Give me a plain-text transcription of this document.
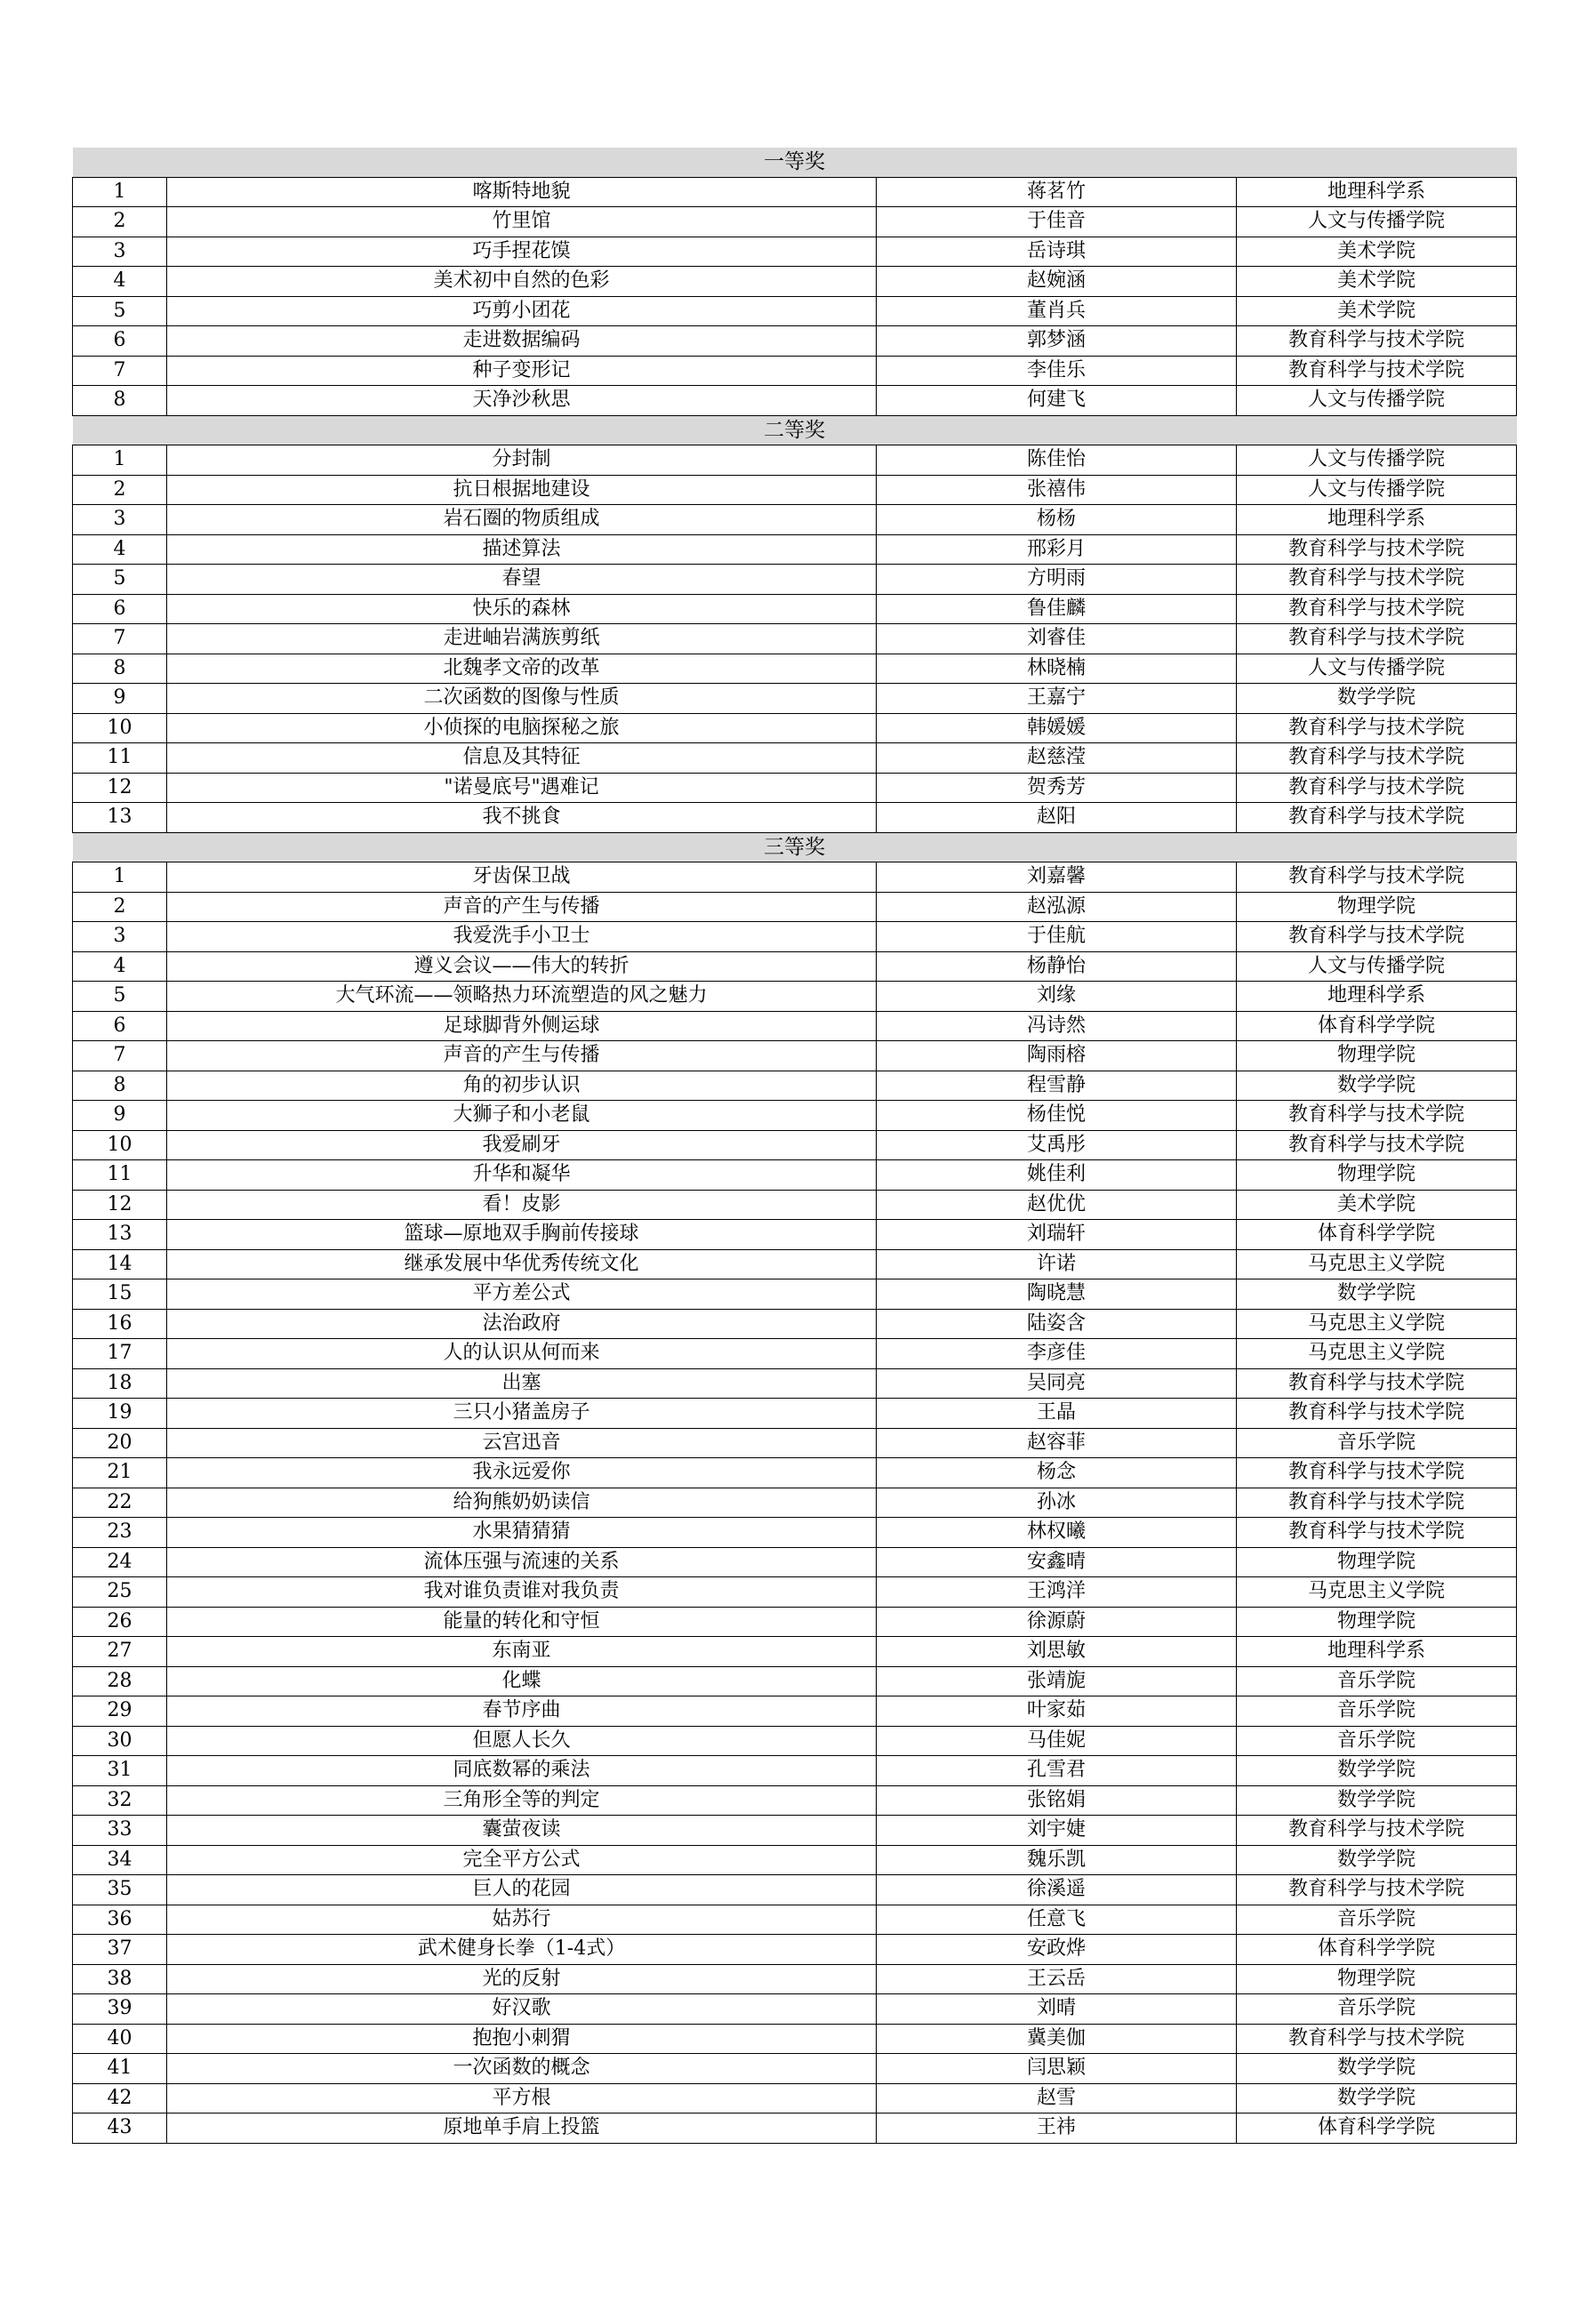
一等奖			
1	喀斯特地貌	蒋茗竹	地理科学系
2	竹里馆	于佳音	人文与传播学院
3	巧手捏花馍	岳诗琪	美术学院
4	美术初中自然的色彩	赵婉涵	美术学院
5	巧剪小团花	董肖兵	美术学院
6	走进数据编码	郭梦涵	教育科学与技术学院
7	种子变形记	李佳乐	教育科学与技术学院
8	天净沙秋思	何建飞	人文与传播学院
二等奖			
1	分封制	陈佳怡	人文与传播学院
2	抗日根据地建设	张禧伟	人文与传播学院
3	岩石圈的物质组成	杨杨	地理科学系
4	描述算法	邢彩月	教育科学与技术学院
5	春望	方明雨	教育科学与技术学院
6	快乐的森林	鲁佳麟	教育科学与技术学院
7	走进岫岩满族剪纸	刘睿佳	教育科学与技术学院
8	北魏孝文帝的改革	林晓楠	人文与传播学院
9	二次函数的图像与性质	王嘉宁	数学学院
10	小侦探的电脑探秘之旅	韩媛媛	教育科学与技术学院
11	信息及其特征	赵慈滢	教育科学与技术学院
12	"诺曼底号"遇难记	贺秀芳	教育科学与技术学院
13	我不挑食	赵阳	教育科学与技术学院
三等奖			
1	牙齿保卫战	刘嘉馨	教育科学与技术学院
2	声音的产生与传播	赵泓源	物理学院
3	我爱洗手小卫士	于佳航	教育科学与技术学院
4	遵义会议——伟大的转折	杨静怡	人文与传播学院
5	大气环流——领略热力环流塑造的风之魅力	刘缘	地理科学系
6	足球脚背外侧运球	冯诗然	体育科学学院
7	声音的产生与传播	陶雨榕	物理学院
8	角的初步认识	程雪静	数学学院
9	大狮子和小老鼠	杨佳悦	教育科学与技术学院
10	我爱刷牙	艾禹彤	教育科学与技术学院
11	升华和凝华	姚佳利	物理学院
12	看！皮影	赵优优	美术学院
13	篮球—原地双手胸前传接球	刘瑞轩	体育科学学院
14	继承发展中华优秀传统文化	许诺	马克思主义学院
15	平方差公式	陶晓慧	数学学院
16	法治政府	陆姿含	马克思主义学院
17	人的认识从何而来	李彦佳	马克思主义学院
18	出塞	吴同亮	教育科学与技术学院
19	三只小猪盖房子	王晶	教育科学与技术学院
20	云宫迅音	赵容菲	音乐学院
21	我永远爱你	杨念	教育科学与技术学院
22	给狗熊奶奶读信	孙冰	教育科学与技术学院
23	水果猜猜猜	林权曦	教育科学与技术学院
24	流体压强与流速的关系	安鑫晴	物理学院
25	我对谁负责谁对我负责	王鸿洋	马克思主义学院
26	能量的转化和守恒	徐源蔚	物理学院
27	东南亚	刘思敏	地理科学系
28	化蝶	张靖旎	音乐学院
29	春节序曲	叶家茹	音乐学院
30	但愿人长久	马佳妮	音乐学院
31	同底数幂的乘法	孔雪君	数学学院
32	三角形全等的判定	张铭娟	数学学院
33	囊萤夜读	刘宇婕	教育科学与技术学院
34	完全平方公式	魏乐凯	数学学院
35	巨人的花园	徐溪遥	教育科学与技术学院
36	姑苏行	任意飞	音乐学院
37	武术健身长拳（1-4式）	安政烨	体育科学学院
38	光的反射	王云岳	物理学院
39	好汉歌	刘晴	音乐学院
40	抱抱小刺猬	冀美伽	教育科学与技术学院
41	一次函数的概念	闫思颖	数学学院
42	平方根	赵雪	数学学院
43	原地单手肩上投篮	王祎	体育科学学院
